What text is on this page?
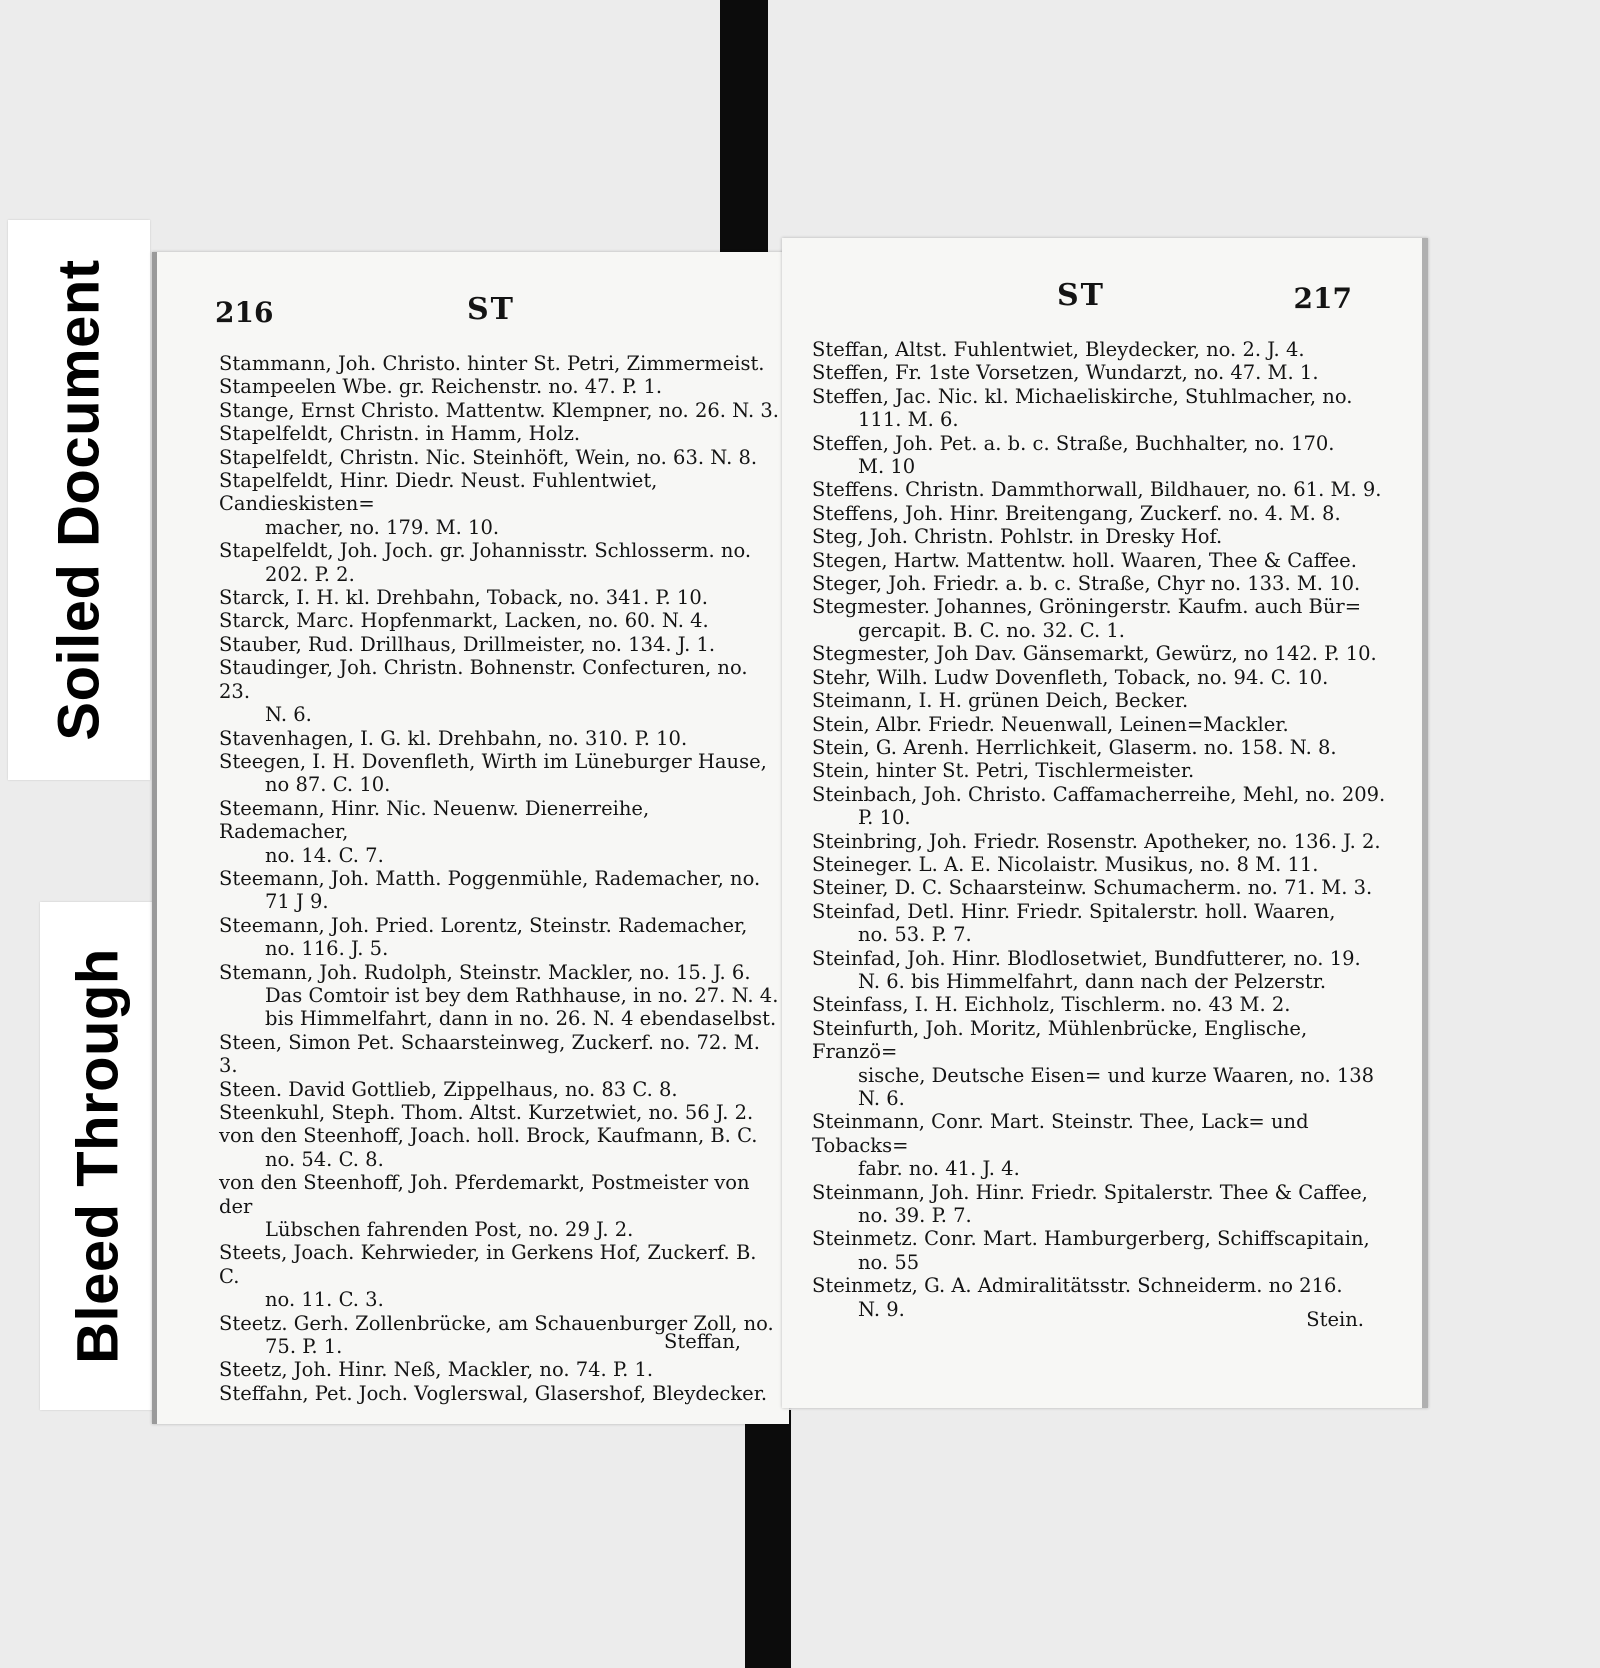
Soiled Document
Bleed Through
216	ST
Stammann, Joh. Christo. hinter St. Petri, Zimmermeist.
Stampeelen Wbe. gr. Reichenstr. no. 47. P. 1.
Stange, Ernst Christo. Mattentw. Klempner, no. 26. N. 3.
Stapelfeldt, Christn. in Hamm, Holz.
Stapelfeldt, Christn. Nic. Steinhöft, Wein, no. 63. N. 8.
Stapelfeldt, Hinr. Diedr. Neust. Fuhlentwiet, Candieskisten=
macher, no. 179. M. 10.
Stapelfeldt, Joh. Joch. gr. Johannisstr. Schlosserm. no.
202. P. 2.
Starck, I. H. kl. Drehbahn, Toback, no. 341. P. 10.
Starck, Marc. Hopfenmarkt, Lacken, no. 60. N. 4.
Stauber, Rud. Drillhaus, Drillmeister, no. 134. J. 1.
Staudinger, Joh. Christn. Bohnenstr. Confecturen, no. 23.
N. 6.
Stavenhagen, I. G. kl. Drehbahn, no. 310. P. 10.
Steegen, I. H. Dovenfleth, Wirth im Lüneburger Hause,
no 87. C. 10.
Steemann, Hinr. Nic. Neuenw. Dienerreihe, Rademacher,
no. 14. C. 7.
Steemann, Joh. Matth. Poggenmühle, Rademacher, no.
71 J 9.
Steemann, Joh. Pried. Lorentz, Steinstr. Rademacher,
no. 116. J. 5.
Stemann, Joh. Rudolph, Steinstr. Mackler, no. 15. J. 6.
Das Comtoir ist bey dem Rathhause, in no. 27. N. 4.
bis Himmelfahrt, dann in no. 26. N. 4 ebendaselbst.
Steen, Simon Pet. Schaarsteinweg, Zuckerf. no. 72. M. 3.
Steen. David Gottlieb, Zippelhaus, no. 83 C. 8.
Steenkuhl, Steph. Thom. Altst. Kurzetwiet, no. 56 J. 2.
von den Steenhoff, Joach. holl. Brock, Kaufmann, B. C.
no. 54. C. 8.
von den Steenhoff, Joh. Pferdemarkt, Postmeister von der
Lübschen fahrenden Post, no. 29 J. 2.
Steets, Joach. Kehrwieder, in Gerkens Hof, Zuckerf. B. C.
no. 11. C. 3.
Steetz. Gerh. Zollenbrücke, am Schauenburger Zoll, no.
75. P. 1.
Steetz, Joh. Hinr. Neß, Mackler, no. 74. P. 1.
Steffahn, Pet. Joch. Voglerswal, Glasershof, Bleydecker.
Steffan,
ST	217
Steffan, Altst. Fuhlentwiet, Bleydecker, no. 2. J. 4.
Steffen, Fr. 1ste Vorsetzen, Wundarzt, no. 47. M. 1.
Steffen, Jac. Nic. kl. Michaeliskirche, Stuhlmacher, no.
111. M. 6.
Steffen, Joh. Pet. a. b. c. Straße, Buchhalter, no. 170.
M. 10
Steffens. Christn. Dammthorwall, Bildhauer, no. 61. M. 9.
Steffens, Joh. Hinr. Breitengang, Zuckerf. no. 4. M. 8.
Steg, Joh. Christn. Pohlstr. in Dresky Hof.
Stegen, Hartw. Mattentw. holl. Waaren, Thee & Caffee.
Steger, Joh. Friedr. a. b. c. Straße, Chyr no. 133. M. 10.
Stegmester. Johannes, Gröningerstr. Kaufm. auch Bür=
gercapit. B. C. no. 32. C. 1.
Stegmester, Joh Dav. Gänsemarkt, Gewürz, no 142. P. 10.
Stehr, Wilh. Ludw Dovenfleth, Toback, no. 94. C. 10.
Steimann, I. H. grünen Deich, Becker.
Stein, Albr. Friedr. Neuenwall, Leinen=Mackler.
Stein, G. Arenh. Herrlichkeit, Glaserm. no. 158. N. 8.
Stein, hinter St. Petri, Tischlermeister.
Steinbach, Joh. Christo. Caffamacherreihe, Mehl, no. 209.
P. 10.
Steinbring, Joh. Friedr. Rosenstr. Apotheker, no. 136. J. 2.
Steineger. L. A. E. Nicolaistr. Musikus, no. 8 M. 11.
Steiner, D. C. Schaarsteinw. Schumacherm. no. 71. M. 3.
Steinfad, Detl. Hinr. Friedr. Spitalerstr. holl. Waaren,
no. 53. P. 7.
Steinfad, Joh. Hinr. Blodlosetwiet, Bundfutterer, no. 19.
N. 6. bis Himmelfahrt, dann nach der Pelzerstr.
Steinfass, I. H. Eichholz, Tischlerm. no. 43 M. 2.
Steinfurth, Joh. Moritz, Mühlenbrücke, Englische, Franzö=
sische, Deutsche Eisen= und kurze Waaren, no. 138 N. 6.
Steinmann, Conr. Mart. Steinstr. Thee, Lack= und Tobacks=
fabr. no. 41. J. 4.
Steinmann, Joh. Hinr. Friedr. Spitalerstr. Thee & Caffee,
no. 39. P. 7.
Steinmetz. Conr. Mart. Hamburgerberg, Schiffscapitain,
no. 55
Steinmetz, G. A. Admiralitätsstr. Schneiderm. no 216.
N. 9.	Stein.
